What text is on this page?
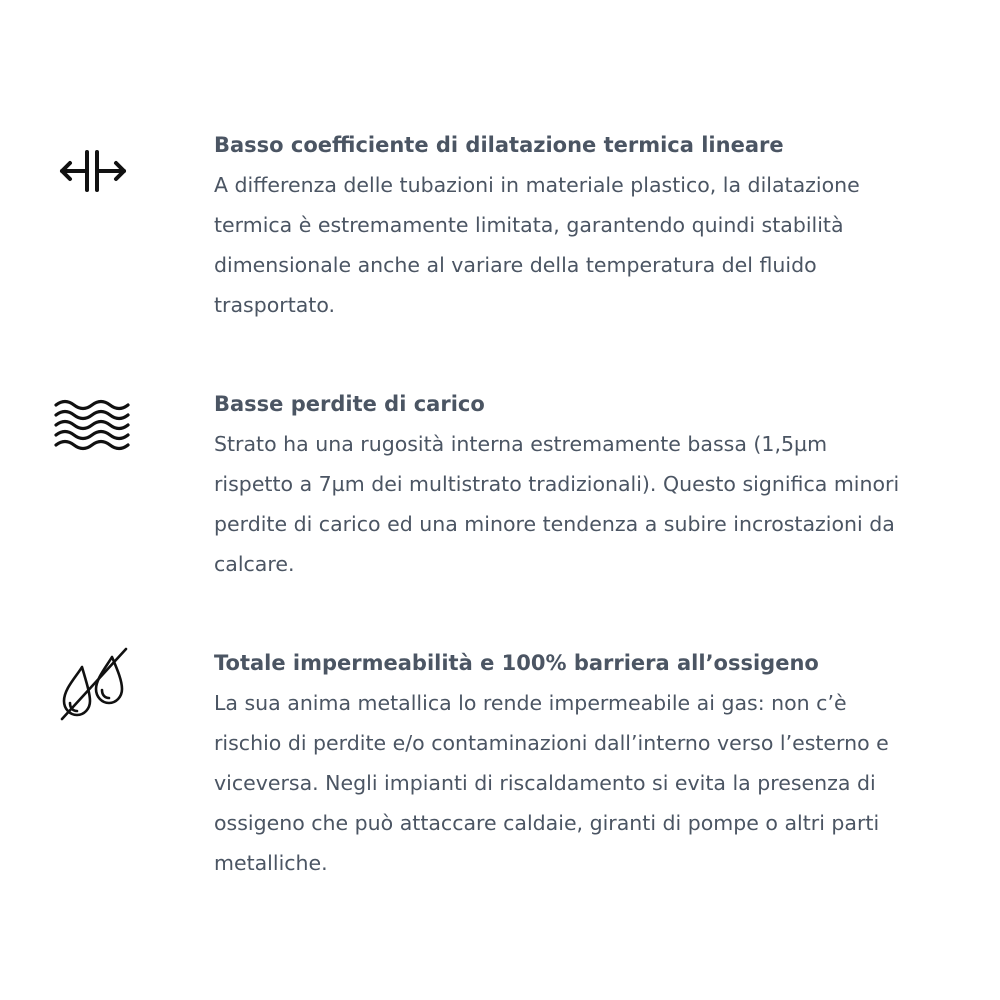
Basso coefficiente di dilatazione termica lineare

A differenza delle tubazioni in materiale plastico, la dilatazione
termica è estremamente limitata, garantendo quindi stabilità
dimensionale anche al variare della temperatura del fluido
trasportato.

Basse perdite di carico

Strato ha una rugosità interna estremamente bassa (1,5µm
rispetto a 7µm dei multistrato tradizionali). Questo significa minori
perdite di carico ed una minore tendenza a subire incrostazioni da
calcare.

Totale impermeabilità e 100% barriera all’ossigeno

La sua anima metallica lo rende impermeabile ai gas: non c’è
rischio di perdite e/o contaminazioni dall’interno verso l’esterno e
viceversa. Negli impianti di riscaldamento si evita la presenza di
ossigeno che può attaccare caldaie, giranti di pompe o altri parti
metalliche.
